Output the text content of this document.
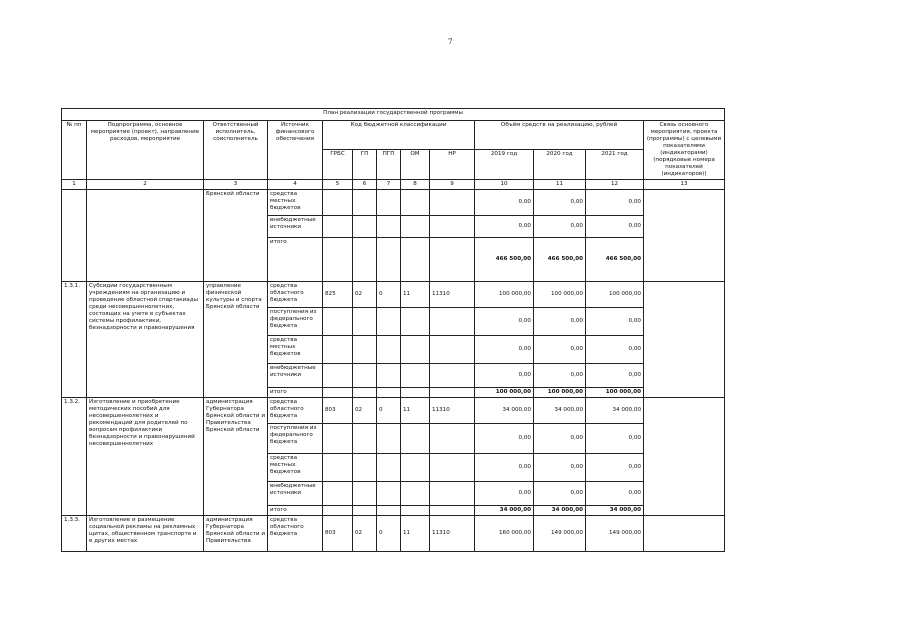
7
План реализации государственной программы												
№ пп	Подпрограмма, основное мероприятие (проект), направление расходов, мероприятие	Ответственный исполнитель, соисполнитель	Источник финансового обеспечения	Код бюджетной классификации					Объём средств на реализацию, рублей			Связь основного мероприятия, проекта (программы) с целевыми показателями (индикаторами) (порядковые номера показателей (индикаторов))
				ГРБС	ГП	ПГП	ОМ	НР	2019 год	2020 год	2021 год	
1	2	3	4	5	6	7	8	9	10	11	12	13
		Брянской области	средства местных бюджетов						0,00	0,00	0,00	
			внебюджетные источники						0,00	0,00	0,00	
			итого						466 500,00	466 500,00	466 500,00	
1.3.1.	Субсидии государственным учреждениям на организацию и проведение областной спартакиады среди несовершеннолетних, состоящих на учете в субъектах системы профилактики, безнадзорности и правонарушения	управление физической культуры и спорта Брянской области	средства областного бюджета	825	02	0	11	11310	100 000,00	100 000,00	100 000,00	
			поступления из федерального бюджета						0,00	0,00	0,00	
			средства местных бюджетов						0,00	0,00	0,00	
			внебюджетные источники						0,00	0,00	0,00	
			итого						100 000,00	100 000,00	100 000,00	
1.3.2.	Изготовление и приобретение методических пособий для несовершеннолетних и рекомендаций для родителей по вопросам профилактики безнадзорности и правонарушений несовершеннолетних	администрация Губернатора Брянской области и Правительства Брянской области	средства областного бюджета	803	02	0	11	11310	34 000,00	34 000,00	34 000,00	
			поступления из федерального бюджета						0,00	0,00	0,00	
			средства местных бюджетов						0,00	0,00	0,00	
			внебюджетные источники						0,00	0,00	0,00	
			итого						34 000,00	34 000,00	34 000,00	
1.3.3.	Изготовление и размещение социальной рекламы на рекламных щитах, общественном транспорте и в других местах	администрация Губернатора Брянской области и Правительства	средства областного бюджета	803	02	0	11	11310	160 000,00	149 000,00	149 000,00	
